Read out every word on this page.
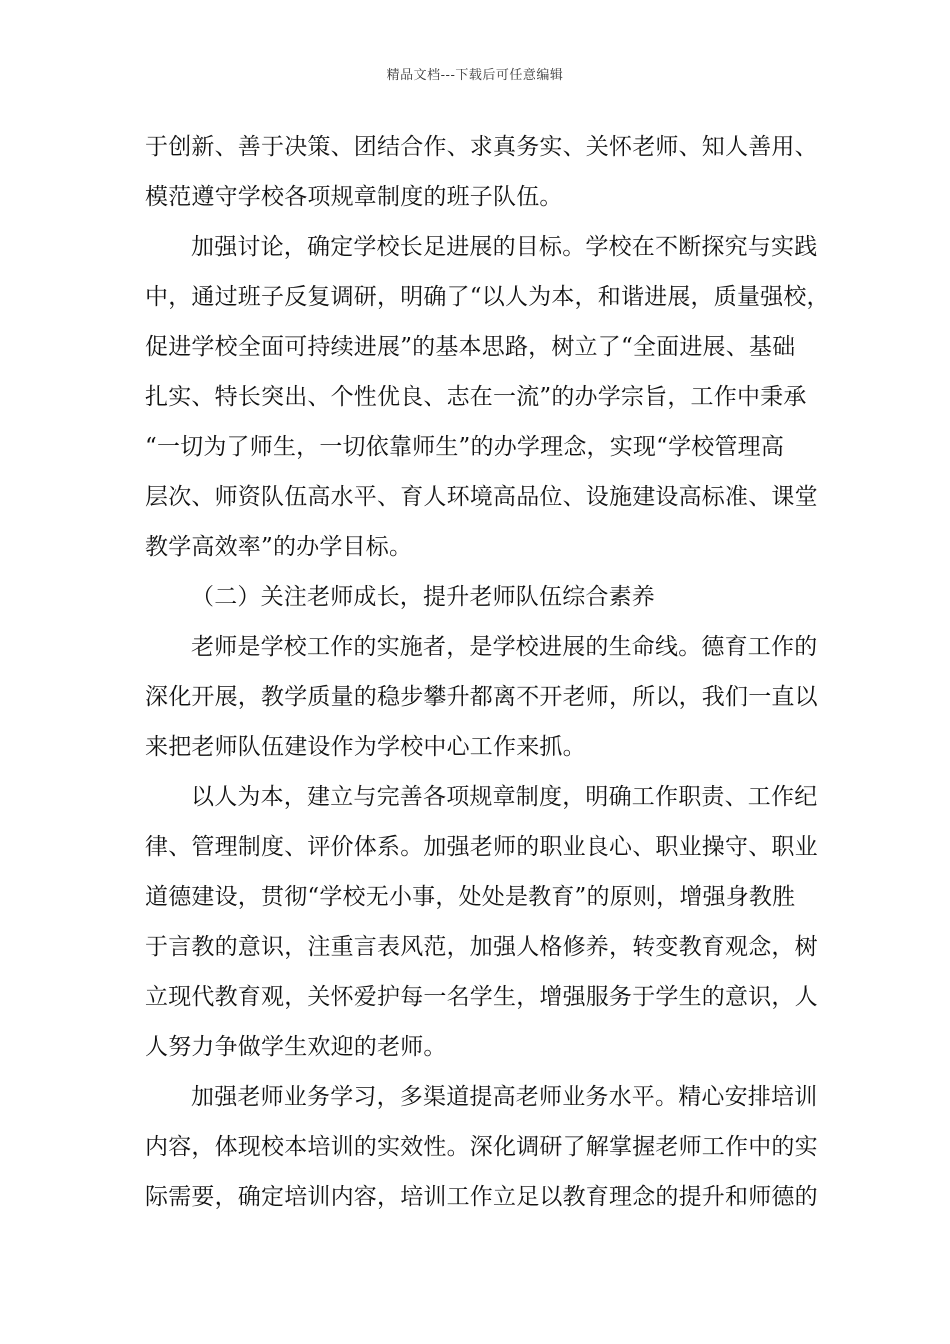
精品文档---下载后可任意编辑
于创新、善于决策、团结合作、求真务实、关怀老师、知人善用、
模范遵守学校各项规章制度的班子队伍。
加强讨论，确定学校长足进展的目标。学校在不断探究与实践
中，通过班子反复调研，明确了“以人为本，和谐进展，质量强校，
促进学校全面可持续进展”的基本思路，树立了“全面进展、基础
扎实、特长突出、个性优良、志在一流”的办学宗旨，工作中秉承
“一切为了师生，一切依靠师生”的办学理念，实现“学校管理高
层次、师资队伍高水平、育人环境高品位、设施建设高标准、课堂
教学高效率”的办学目标。
（二）关注老师成长，提升老师队伍综合素养
老师是学校工作的实施者，是学校进展的生命线。德育工作的
深化开展，教学质量的稳步攀升都离不开老师，所以，我们一直以
来把老师队伍建设作为学校中心工作来抓。
以人为本，建立与完善各项规章制度，明确工作职责、工作纪
律、管理制度、评价体系。加强老师的职业良心、职业操守、职业
道德建设，贯彻“学校无小事，处处是教育”的原则，增强身教胜
于言教的意识，注重言表风范，加强人格修养，转变教育观念，树
立现代教育观，关怀爱护每一名学生，增强服务于学生的意识，人
人努力争做学生欢迎的老师。
加强老师业务学习，多渠道提高老师业务水平。精心安排培训
内容，体现校本培训的实效性。深化调研了解掌握老师工作中的实
际需要，确定培训内容，培训工作立足以教育理念的提升和师德的
